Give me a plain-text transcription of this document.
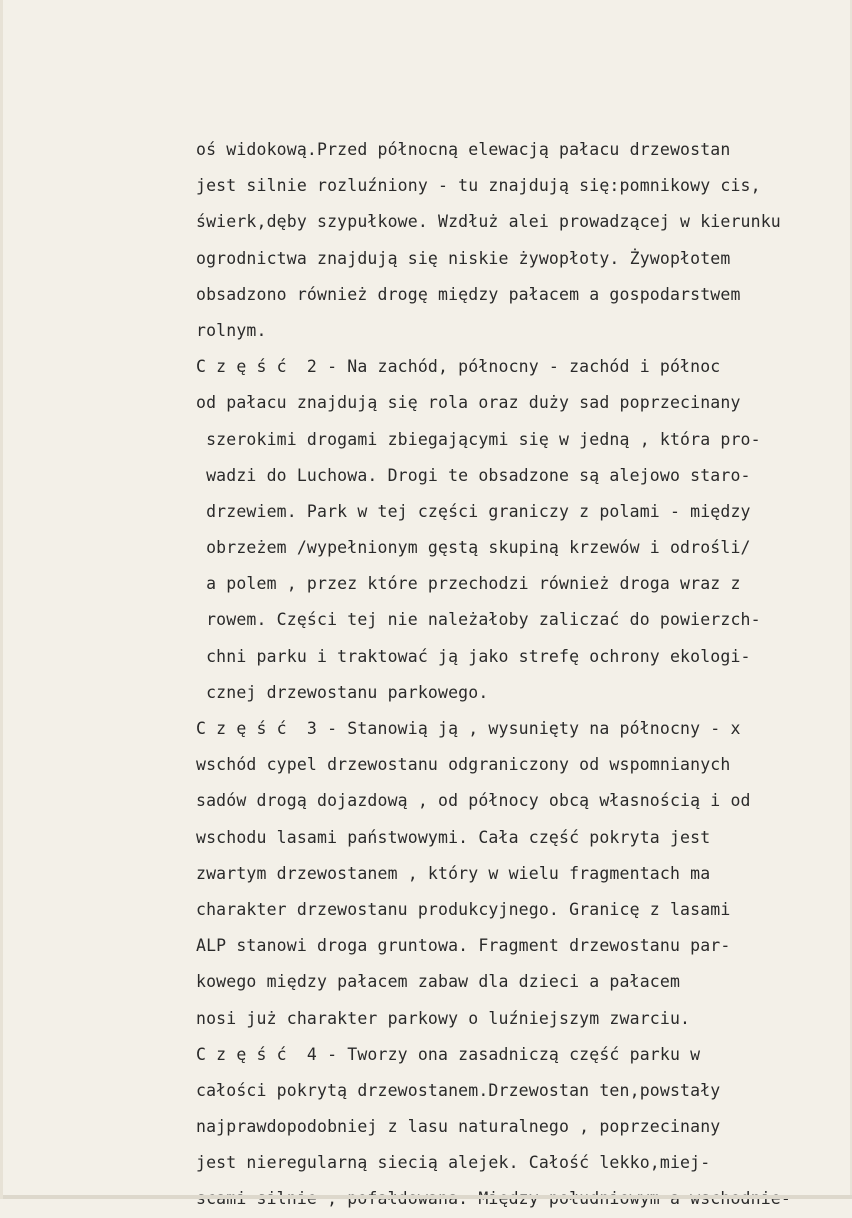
oś widokową.Przed północną elewacją pałacu drzewostan
jest silnie rozluźniony - tu znajdują się:pomnikowy cis,
świerk,dęby szypułkowe. Wzdłuż alei prowadzącej w kierunku
ogrodnictwa znajdują się niskie żywopłoty. Żywopłotem
obsadzono również drogę między pałacem a gospodarstwem
rolnym.
C z ę ś ć  2 - Na zachód, północny - zachód i północ
od pałacu znajdują się rola oraz duży sad poprzecinany
szerokimi drogami zbiegającymi się w jedną , która pro-
wadzi do Luchowa. Drogi te obsadzone są alejowo staro-
drzewiem. Park w tej części graniczy z polami - między
obrzeżem /wypełnionym gęstą skupiną krzewów i odrośli/
a polem , przez które przechodzi również droga wraz z
rowem. Części tej nie należałoby zaliczać do powierzch-
chni parku i traktować ją jako strefę ochrony ekologi-
cznej drzewostanu parkowego.
C z ę ś ć  3 - Stanowią ją , wysunięty na północny - x
wschód cypel drzewostanu odgraniczony od wspomnianych
sadów drogą dojazdową , od północy obcą własnością i od
wschodu lasami państwowymi. Cała część pokryta jest
zwartym drzewostanem , który w wielu fragmentach ma
charakter drzewostanu produkcyjnego. Granicę z lasami
ALP stanowi droga gruntowa. Fragment drzewostanu par-
kowego między pałacem zabaw dla dzieci a pałacem
nosi już charakter parkowy o luźniejszym zwarciu.
C z ę ś ć  4 - Tworzy ona zasadniczą część parku w
całości pokrytą drzewostanem.Drzewostan ten,powstały
najprawdopodobniej z lasu naturalnego , poprzecinany
jest nieregularną siecią alejek. Całość lekko,miej-
